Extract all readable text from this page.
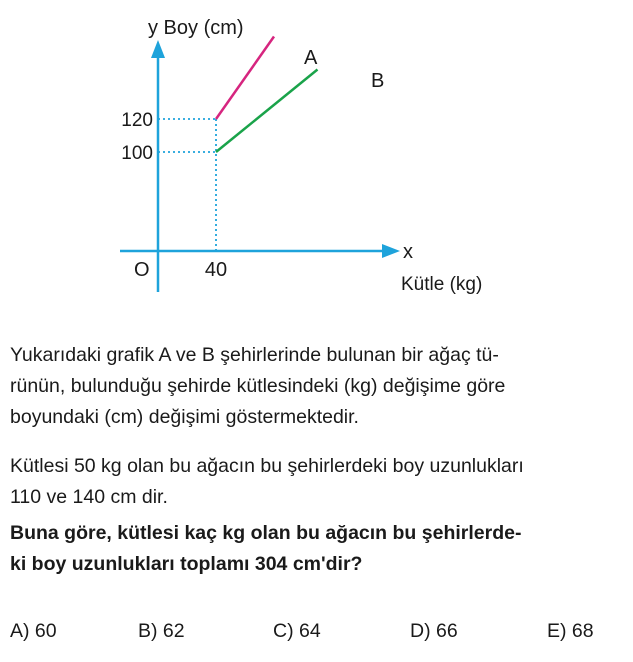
y Boy (cm)
x
Kütle (kg)
O	40
120
100
A
B
Yukarıdaki grafik A ve B şehirlerinde bulunan bir ağaç tü-
rünün, bulunduğu şehirde kütlesindeki (kg) değişime göre
boyundaki (cm) değişimi göstermektedir.
Kütlesi 50 kg olan bu ağacın bu şehirlerdeki boy uzunlukları
110 ve 140 cm dir.
Buna göre, kütlesi kaç kg olan bu ağacın bu şehirlerde-
ki boy uzunlukları toplamı 304 cm'dir?
A) 60	B) 62	C) 64	D) 66	E) 68
